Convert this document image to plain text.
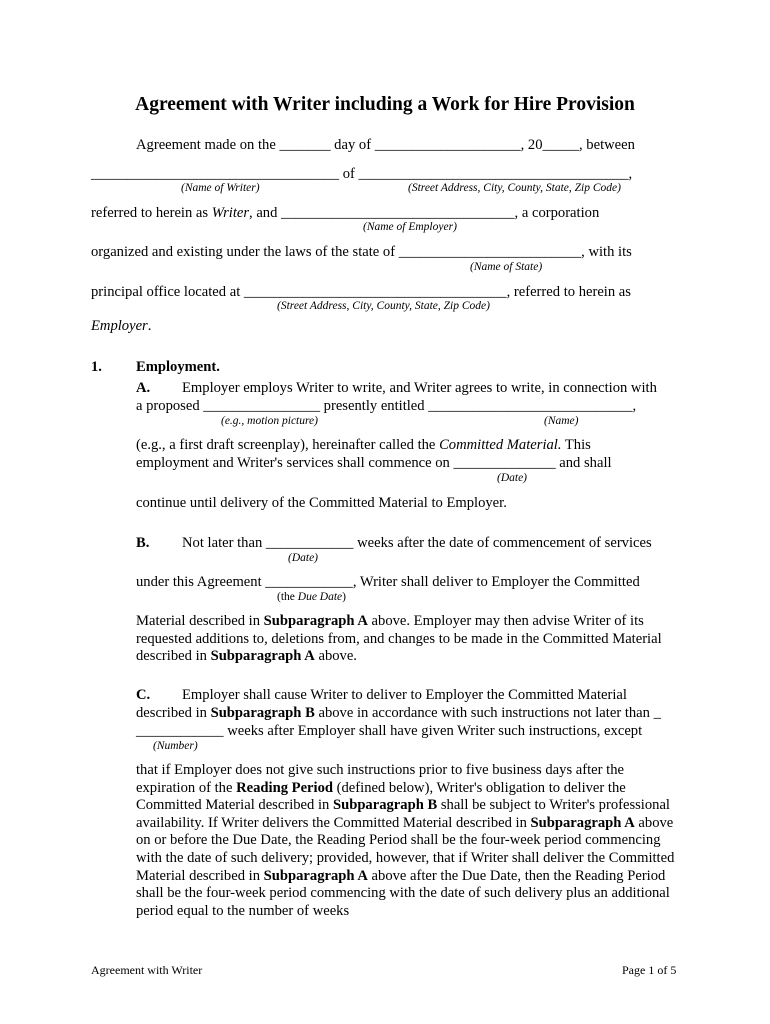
Agreement with Writer including a Work for Hire Provision
Agreement made on the _______ day of ____________________, 20_____, between
__________________________________ of _____________________________________,
(Name of Writer)	(Street Address, City, County, State, Zip Code)
referred to herein as Writer, and ________________________________, a corporation
(Name of Employer)
organized and existing under the laws of the state of _________________________, with its
(Name of State)
principal office located at ____________________________________, referred to herein as
(Street Address, City, County, State, Zip Code)
Employer.
1. Employment.
A. Employer employs Writer to write, and Writer agrees to write, in connection with
a proposed ________________ presently entitled ____________________________,
(e.g., motion picture)	(Name)
(e.g., a first draft screenplay), hereinafter called the Committed Material. This
employment and Writer's services shall commence on ______________ and shall
(Date)
continue until delivery of the Committed Material to Employer.
B. Not later than ____________ weeks after the date of commencement of services
(Date)
under this Agreement ____________, Writer shall deliver to Employer the Committed
(the Due Date)
Material described in Subparagraph A above. Employer may then advise Writer of its requested additions to, deletions from, and changes to be made in the Committed Material described in Subparagraph A above.
C. Employer shall cause Writer to deliver to Employer the Committed Material
described in Subparagraph B above in accordance with such instructions not later than _
____________ weeks after Employer shall have given Writer such instructions, except
(Number)
that if Employer does not give such instructions prior to five business days after the expiration of the Reading Period (defined below), Writer's obligation to deliver the Committed Material described in Subparagraph B shall be subject to Writer's professional availability. If Writer delivers the Committed Material described in Subparagraph A above on or before the Due Date, the Reading Period shall be the four-week period commencing with the date of such delivery; provided, however, that if Writer shall deliver the Committed Material described in Subparagraph A above after the Due Date, then the Reading Period shall be the four-week period commencing with the date of such delivery plus an additional period equal to the number of weeks
Agreement with Writer	Page 1 of 5
